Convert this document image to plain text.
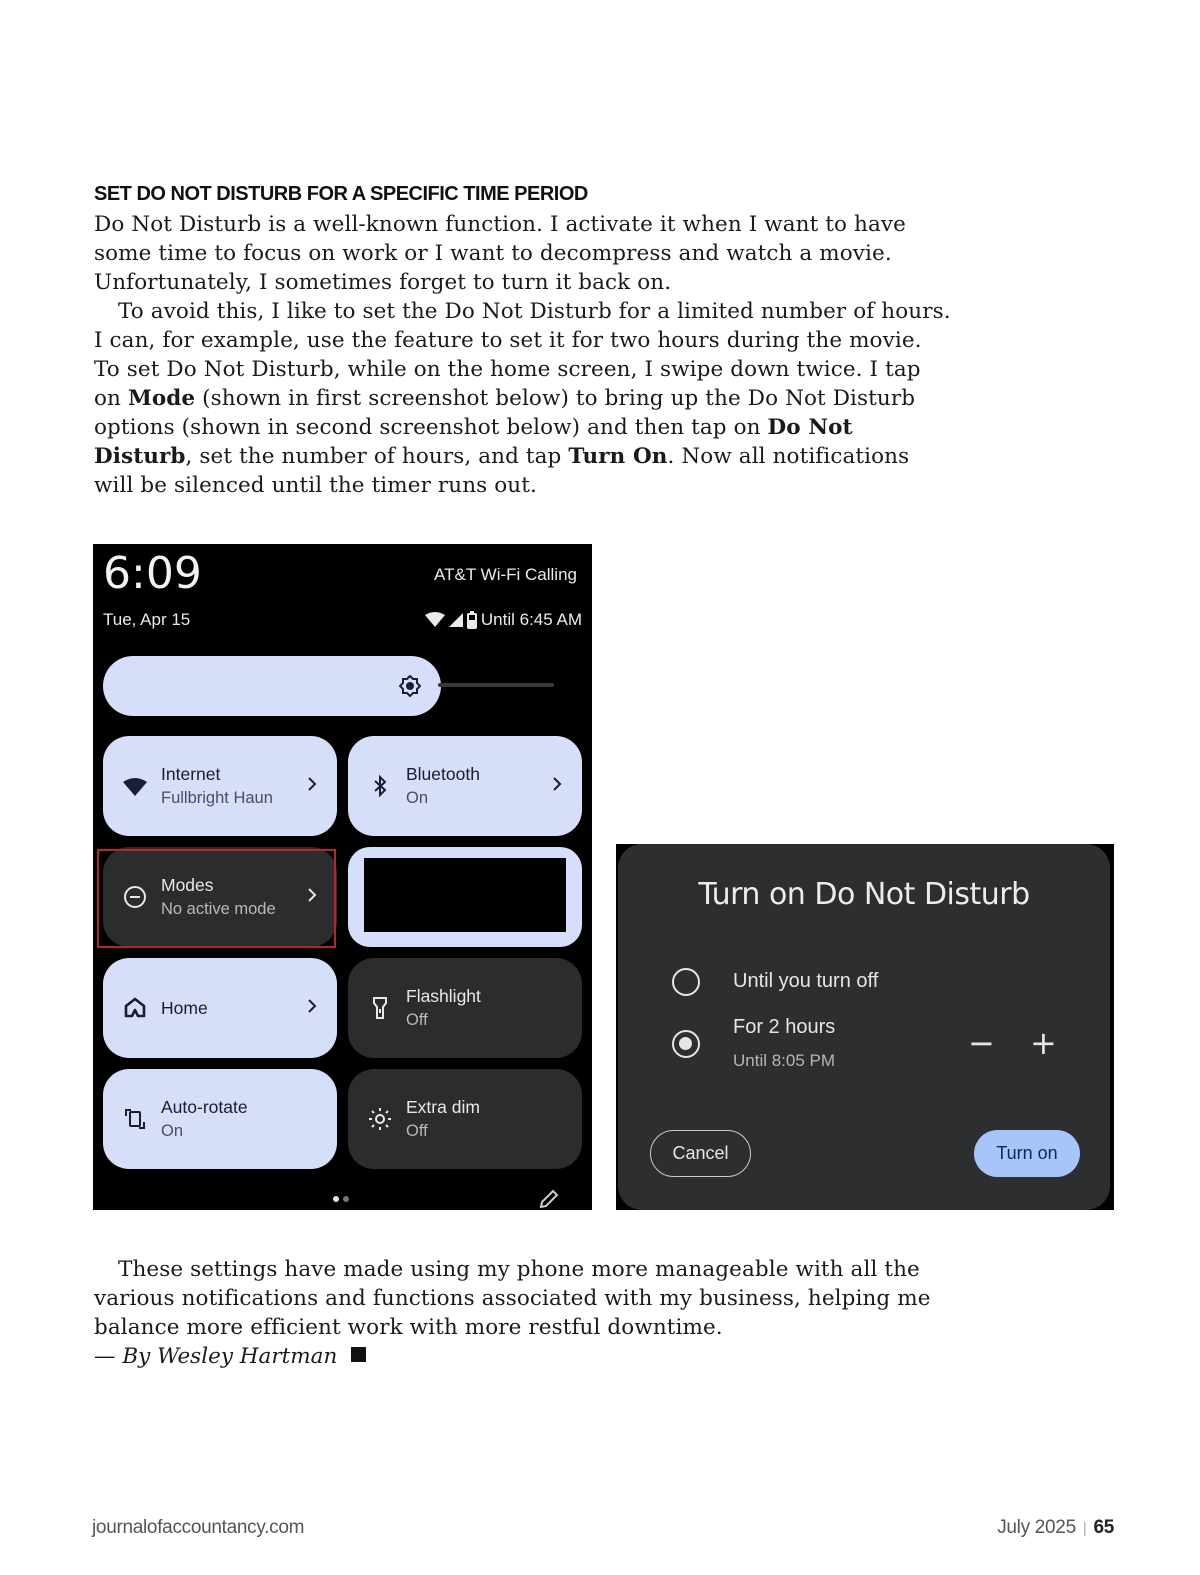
SET DO NOT DISTURB FOR A SPECIFIC TIME PERIOD

Do Not Disturb is a well-known function. I activate it when I want to have some time to focus on work or I want to decompress and watch a movie. Unfortunately, I sometimes forget to turn it back on.

To avoid this, I like to set the Do Not Disturb for a limited number of hours. I can, for example, use the feature to set it for two hours during the movie. To set Do Not Disturb, while on the home screen, I swipe down twice. I tap on Mode (shown in first screenshot below) to bring up the Do Not Disturb options (shown in second screenshot below) and then tap on Do Not Disturb, set the number of hours, and tap Turn On. Now all notifications will be silenced until the timer runs out.

6:09
Tue, Apr 15
AT&T Wi-Fi Calling
Until 6:45 AM
Internet
Fullbright Haun
Bluetooth
On
Modes
No active mode
Home
Flashlight
Off
Auto-rotate
On
Extra dim
Off
Turn on Do Not Disturb
Until you turn off
For 2 hours
Until 8:05 PM	− +
Cancel	Turn on

These settings have made using my phone more manageable with all the various notifications and functions associated with my business, helping me balance more efficient work with more restful downtime.

— By Wesley Hartman
journalofaccountancy.com	July 2025 | 65
